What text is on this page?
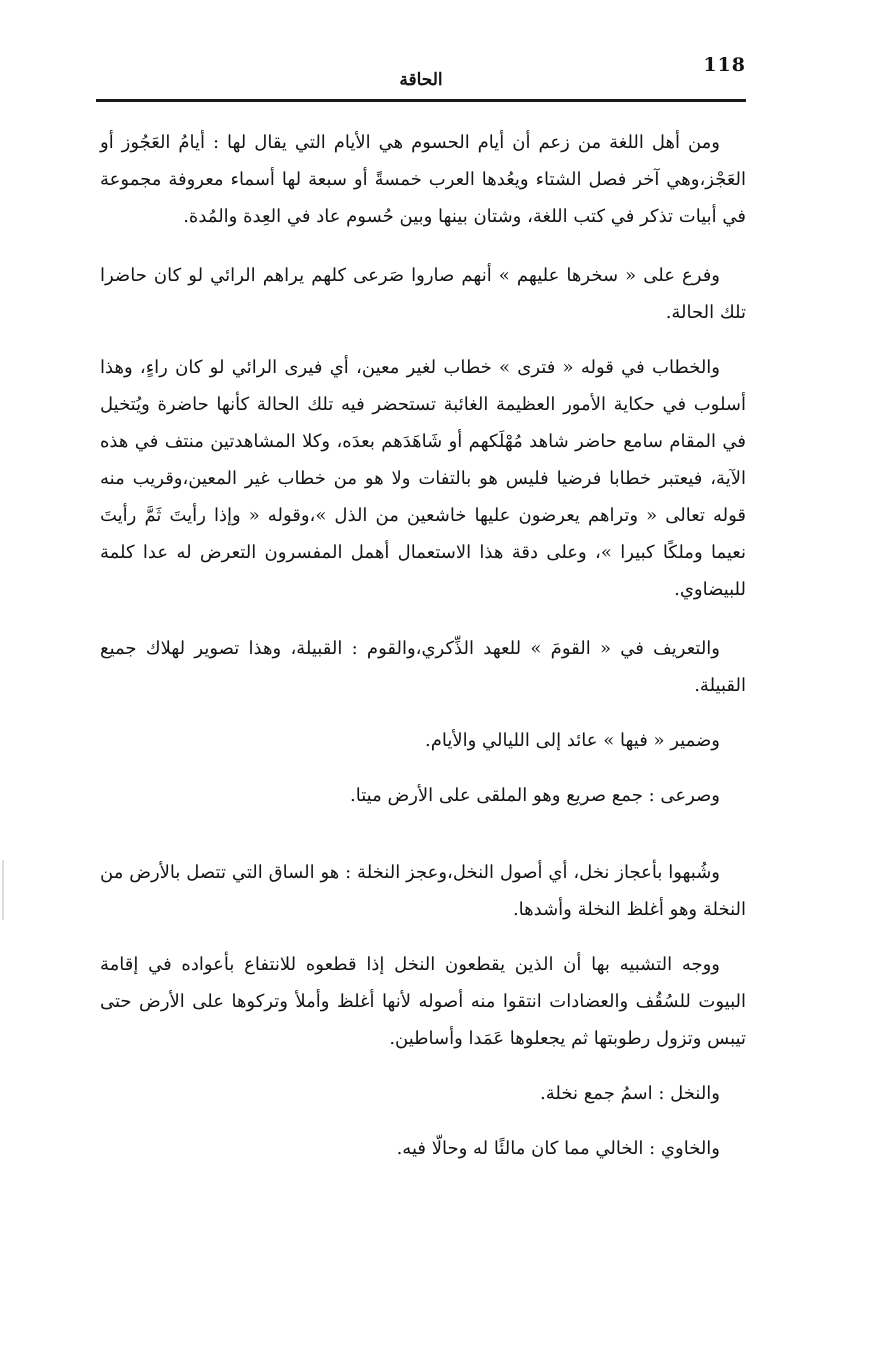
118
الحاقة

ومن أهل اللغة من زعم أن أيام الحسوم هي الأيام التي يقال لها : أيامُ العَجُوز أو العَجْز،وهي آخر فصل الشتاء ويعُدها العرب خمسةً أو سبعة لها أسماء معروفة مجموعة في أبيات تذكر في كتب اللغة، وشتان بينها وبين حُسوم عاد في العِدة والمُدة.

وفرع على « سخرها عليهم » أنهم صاروا صَرعى كلهم يراهم الرائي لو كان حاضرا تلك الحالة.

والخطاب في قوله « فترى » خطاب لغير معين، أي فيرى الرائي لو كان راءٍ، وهذا أسلوب في حكاية الأمور العظيمة الغائبة تستحضر فيه تلك الحالة كأنها حاضرة ويُتخيل في المقام سامع حاضر شاهد مُهْلَكهم أو شَاهَدَهم بعدَه، وكلا المشاهدتين منتف في هذه الآية، فيعتبر خطابا فرضيا فليس هو بالتفات ولا هو من خطاب غير المعين،وقريب منه قوله تعالى « وتراهم يعرضون عليها خاشعين من الذل »،وقوله « وإذا رأيتَ ثَمَّ رأيتَ نعيما وملكًا كبيرا »، وعلى دقة هذا الاستعمال أهمل المفسرون التعرض له عدا كلمة للبيضاوي.

والتعريف في « القومَ » للعهد الذِّكري،والقوم : القبيلة، وهذا تصوير لهلاك جميع القبيلة.

وضمير « فيها » عائد إلى الليالي والأيام.

وصرعى : جمع صريع وهو الملقى على الأرض ميتا.

وشُبهوا بأعجاز نخل، أي أصول النخل،وعجز النخلة : هو الساق التي تتصل بالأرض من النخلة وهو أغلظ النخلة وأشدها.

ووجه التشبيه بها أن الذين يقطعون النخل إذا قطعوه للانتفاع بأعواده في إقامة البيوت للسُقُف والعضادات انتقوا منه أصوله لأنها أغلظ وأملأ وتركوها على الأرض حتى تيبس وتزول رطوبتها ثم يجعلوها عَمَدا وأساطين.

والنخل : اسمُ جمع نخلة.

والخاوي : الخالي مما كان مالئًا له وحالّا فيه.
